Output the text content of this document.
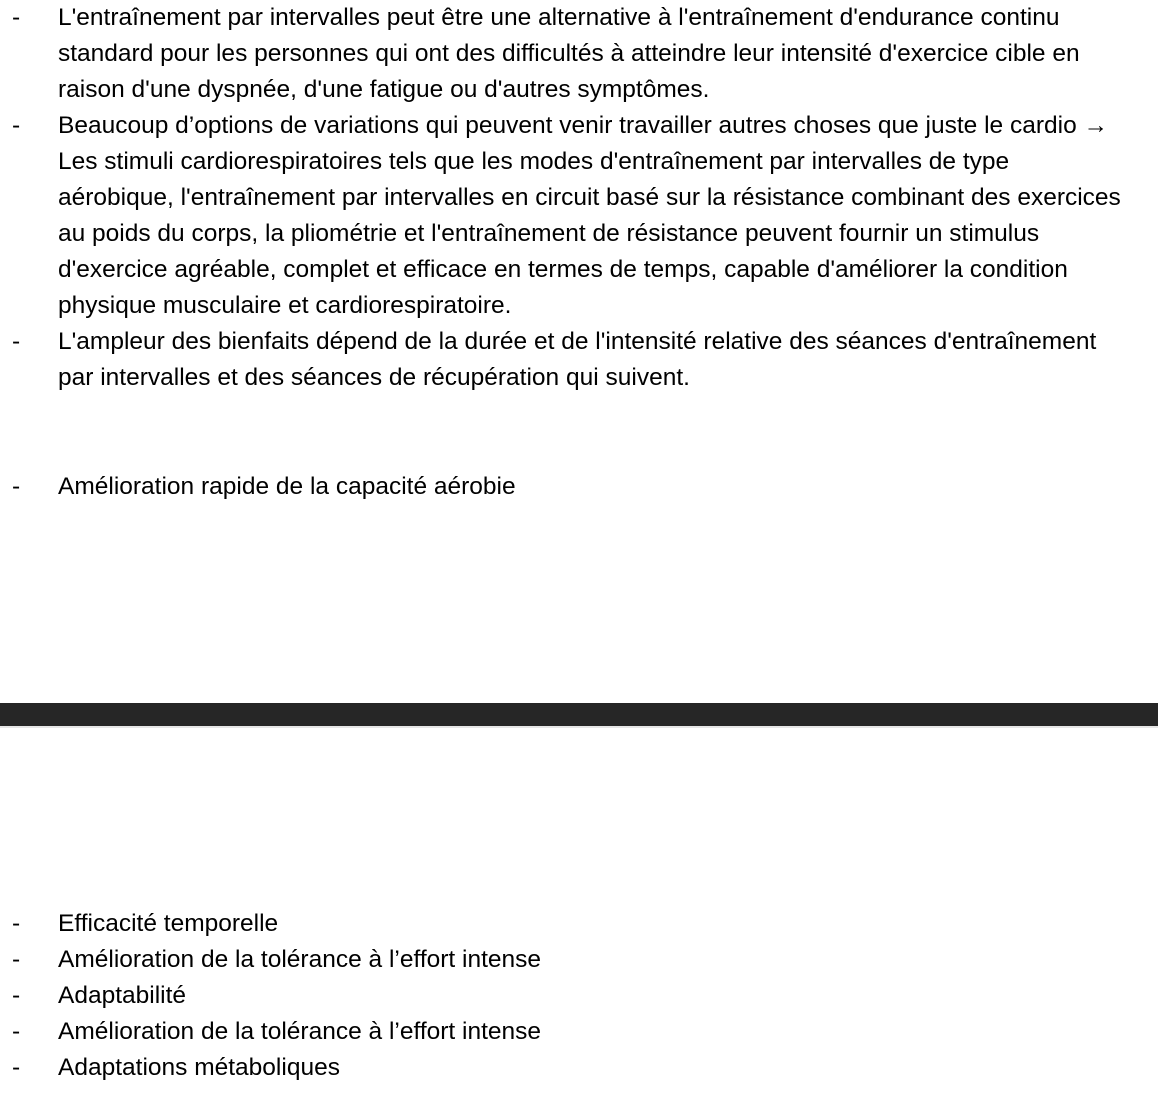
- L'entraînement par intervalles peut être une alternative à l'entraînement d'endurance continu standard pour les personnes qui ont des difficultés à atteindre leur intensité d'exercice cible en raison d'une dyspnée, d'une fatigue ou d'autres symptômes.
- Beaucoup d’options de variations qui peuvent venir travailler autres choses que juste le cardio → Les stimuli cardiorespiratoires tels que les modes d'entraînement par intervalles de type aérobique, l'entraînement par intervalles en circuit basé sur la résistance combinant des exercices au poids du corps, la pliométrie et l'entraînement de résistance peuvent fournir un stimulus d'exercice agréable, complet et efficace en termes de temps, capable d'améliorer la condition physique musculaire et cardiorespiratoire.
- L'ampleur des bienfaits dépend de la durée et de l'intensité relative des séances d'entraînement par intervalles et des séances de récupération qui suivent.
- Amélioration rapide de la capacité aérobie
- Efficacité temporelle
- Amélioration de la tolérance à l’effort intense
- Adaptabilité
- Amélioration de la tolérance à l’effort intense
- Adaptations métaboliques
